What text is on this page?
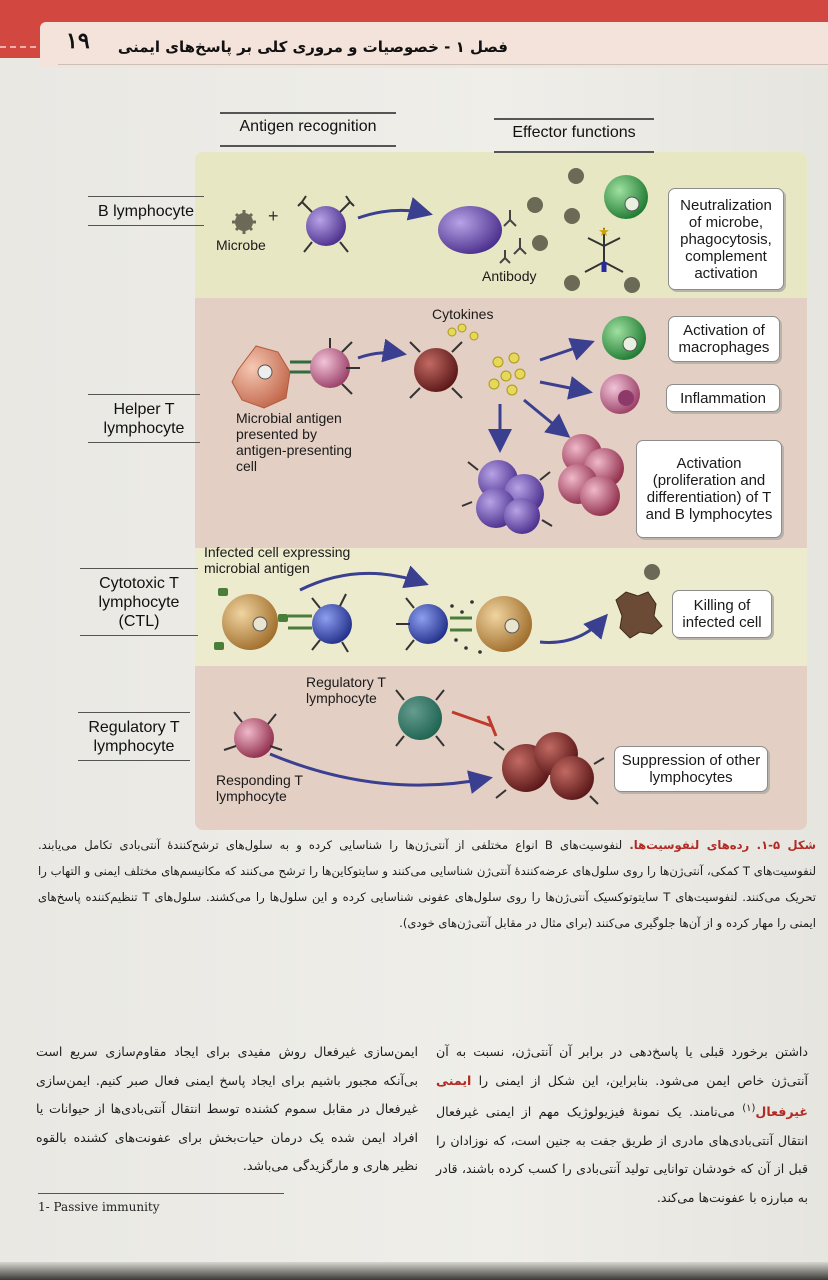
۱۹ فصل ۱ - خصوصیات و مروری کلی بر پاسخ‌های ایمنی
+
★
Antigen recognition	Effector functions
B lymphocyte
Helper T lymphocyte
Cytotoxic T lymphocyte (CTL)
Regulatory T lymphocyte
Microbe
Antibody
Cytokines
Microbial antigen presented by antigen-presenting cell
Infected cell expressing microbial antigen
Regulatory T lymphocyte
Responding T lymphocyte
Neutralization of microbe, phagocytosis, complement activation
Activation of macrophages
Inflammation
Activation (proliferation and differentiation) of T and B lymphocytes
Killing of infected cell
Suppression of other lymphocytes
شکل ۵-۱. رده‌های لنفوسیت‌ها. لنفوسیت‌های B انواع مختلفی از آنتی‌ژن‌ها را شناسایی کرده و به سلول‌های ترشح‌کنندهٔ آنتی‌بادی تکامل می‌یابند. لنفوسیت‌های T کمکی، آنتی‌ژن‌ها را روی سلول‌های عرضه‌کنندهٔ آنتی‌ژن شناسایی می‌کنند و سایتوکاین‌ها را ترشح می‌کنند که مکانیسم‌های مختلف ایمنی و التهاب را تحریک می‌کنند. لنفوسیت‌های T سایتوتوکسیک آنتی‌ژن‌ها را روی سلول‌های عفونی شناسایی کرده و این سلول‌ها را می‌کشند. سلول‌های T تنظیم‌کننده پاسخ‌های ایمنی را مهار کرده و از آن‌ها جلوگیری می‌کنند (برای مثال در مقابل آنتی‌ژن‌های خودی).
داشتن برخورد قبلی یا پاسخ‌دهی در برابر آن آنتی‌ژن، نسبت به آن آنتی‌ژن خاص ایمن می‌شود. بنابراین، این شکل از ایمنی را ایمنی غیرفعال$^{(۱)}$ می‌نامند. یک نمونهٔ فیزیولوژیک مهم از ایمنی غیرفعال انتقال آنتی‌بادی‌های مادری از طریق جفت به جنین است، که نوزادان را قبل از آن که خودشان توانایی تولید آنتی‌بادی را کسب کرده باشند، قادر به مبارزه با عفونت‌ها می‌کند.
ایمن‌سازی غیرفعال روش مفیدی برای ایجاد مقاوم‌سازی سریع است بی‌آنکه مجبور باشیم برای ایجاد پاسخ ایمنی فعال صبر کنیم. ایمن‌سازی غیرفعال در مقابل سموم کشنده توسط انتقال آنتی‌بادی‌ها از حیوانات یا افراد ایمن شده یک درمان حیات‌بخش برای عفونت‌های کشنده بالقوه نظیر هاری و مارگزیدگی می‌باشد.
1- Passive immunity
